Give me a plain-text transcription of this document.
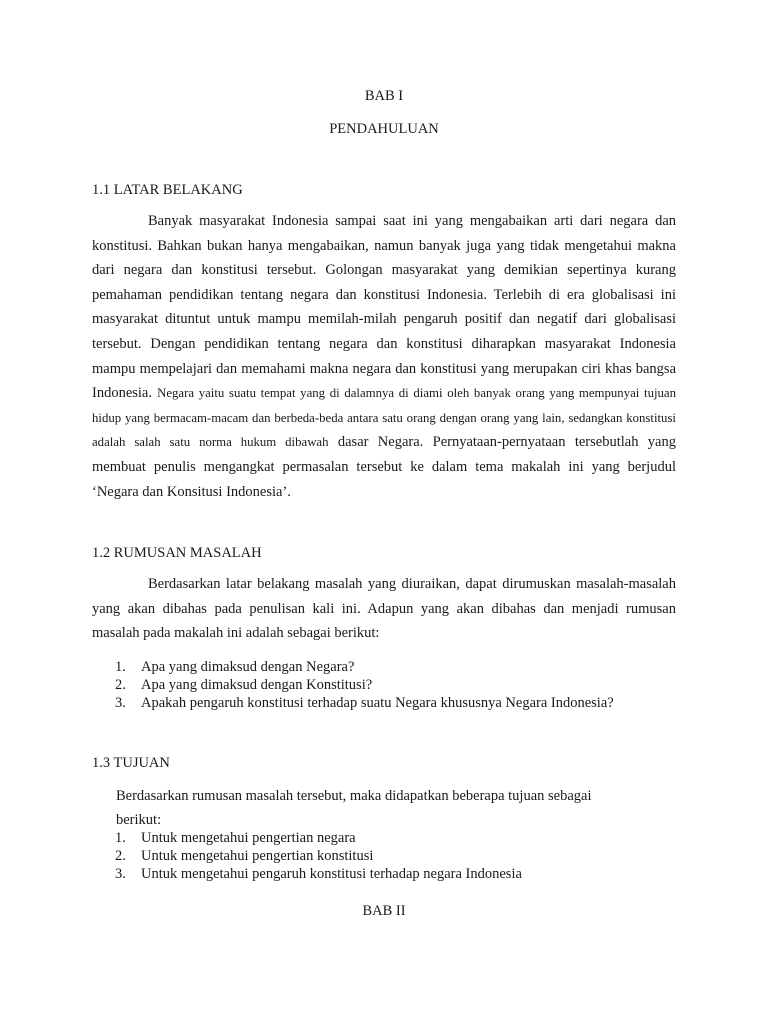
BAB I
PENDAHULUAN
1.1 LATAR BELAKANG
Banyak masyarakat Indonesia sampai saat ini yang mengabaikan arti dari negara dan konstitusi. Bahkan bukan hanya mengabaikan, namun banyak juga yang tidak mengetahui makna dari negara dan konstitusi tersebut. Golongan masyarakat yang demikian sepertinya kurang pemahaman pendidikan tentang negara dan konstitusi Indonesia. Terlebih di era globalisasi ini masyarakat dituntut untuk mampu memilah-milah pengaruh positif dan negatif dari globalisasi tersebut. Dengan pendidikan tentang negara dan konstitusi diharapkan masyarakat Indonesia mampu mempelajari dan memahami makna negara dan konstitusi yang merupakan ciri khas bangsa Indonesia. Negara yaitu suatu tempat yang di dalamnya di diami oleh banyak orang yang mempunyai tujuan hidup yang bermacam-macam dan berbeda-beda antara satu orang dengan orang yang lain, sedangkan konstitusi adalah salah satu norma hukum dibawah dasar Negara. Pernyataan-pernyataan tersebutlah yang membuat penulis mengangkat permasalan tersebut ke dalam tema makalah ini yang berjudul ‘Negara dan Konsitusi Indonesia’.
1.2 RUMUSAN MASALAH
Berdasarkan latar belakang masalah yang diuraikan, dapat dirumuskan masalah-masalah yang akan dibahas pada penulisan kali ini. Adapun yang akan dibahas dan menjadi rumusan masalah pada makalah ini adalah sebagai berikut:
1. Apa yang dimaksud dengan Negara?
2. Apa yang dimaksud dengan Konstitusi?
3. Apakah pengaruh konstitusi terhadap suatu Negara khususnya Negara Indonesia?
1.3 TUJUAN
Berdasarkan rumusan masalah tersebut, maka didapatkan beberapa tujuan sebagai
berikut:
1. Untuk mengetahui pengertian negara
2. Untuk mengetahui pengertian konstitusi
3. Untuk mengetahui pengaruh konstitusi terhadap negara Indonesia
BAB II
